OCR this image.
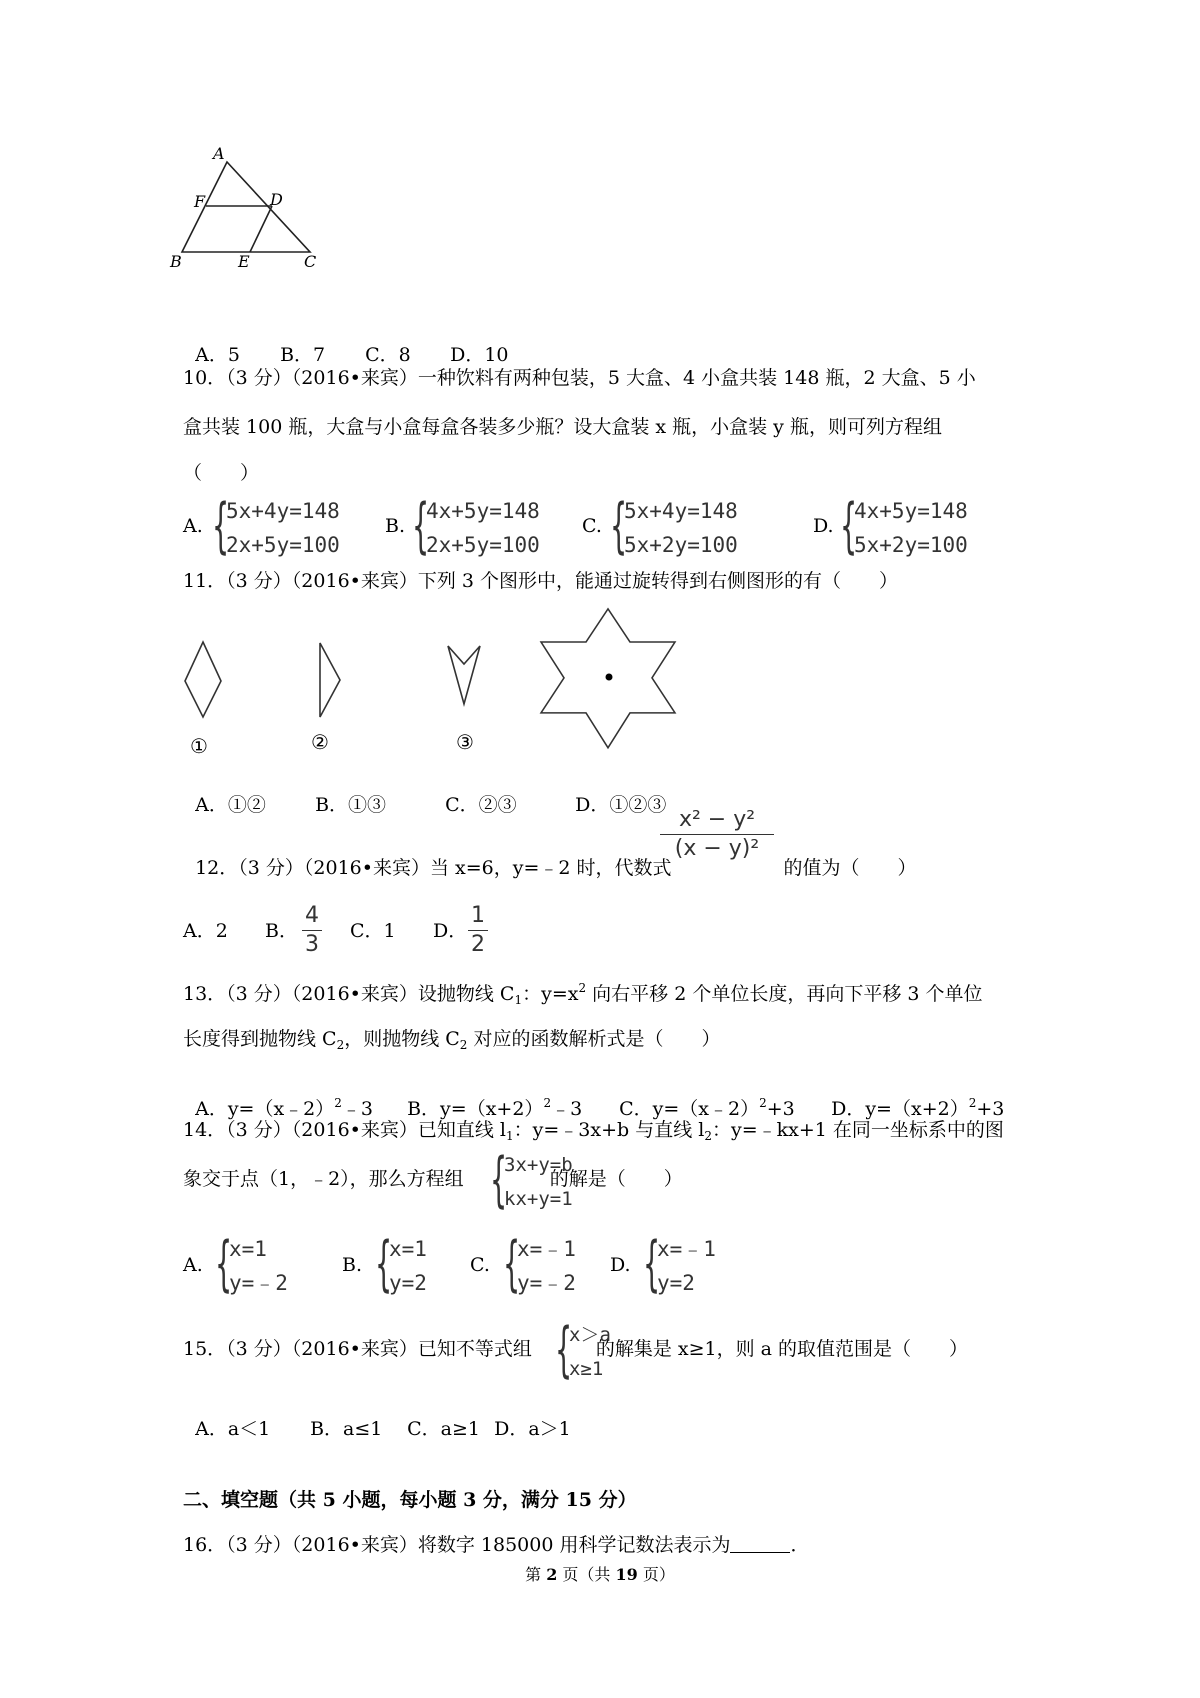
A
F	D
B	E	C

A．5 B．7 C．8 D．10

10．（3 分）（2016•来宾）一种饮料有两种包装，5 大盒、4 小盒共装 148 瓶，2 大盒、5 小
盒共装 100 瓶，大盒与小盒每盒各装多少瓶？设大盒装 x 瓶，小盒装 y 瓶，则可列方程组
（　　）
A. {
5x+4y=148
2x+5y=100
B. {
4x+5y=148
2x+5y=100
C. {
5x+4y=148
5x+2y=100
D. {
4x+5y=148
5x+2y=100
11．（3 分）（2016•来宾）下列 3 个图形中，能通过旋转得到右侧图形的有（　　）
①	②	③

A．①②	B．①③	C．②③	D．①②③

12．（3 分）（2016•来宾）当 x=6，y=﹣2 时，代数式	的值为（　　）

x² − y²
(x − y)²
A．2 B．
4
3
C．1 D．
1
2
13．（3 分）（2016•来宾）设抛物线 $C_1$：$y=x^2$ 向右平移 2 个单位长度，再向下平移 3 个单位
长度得到抛物线 $C_2$，则抛物线 $C_2$ 对应的函数解析式是（　　）

A．y=（x﹣2）$^2$﹣3 B．$y=(x+2)^2﹣3$ C．y=（x﹣2）$^2$+3 D．$y=(x+2)^2+3$

14．（3 分）（2016•来宾）已知直线 $l_1$：y=﹣3x+b 与直线 $l_2$：y=﹣kx+1 在同一坐标系中的图
象交于点（1，﹣2），那么方程组	的解是（　　）
{
3x+y=b
kx+y=1
A. {
x=1
y=﹣2
B. {
x=1
y=2
C. {
x=﹣1
y=﹣2
D. {
x=﹣1
y=2
15．（3 分）（2016•来宾）已知不等式组	的解集是 x≥1，则 a 的取值范围是（　　）
{
x＞a
x≥1

A．a＜1 B．a≤1 C．a≥1 D．a＞1

二、填空题（共 5 小题，每小题 3 分，满分 15 分）
16．（3 分）（2016•来宾）将数字 185000 用科学记数法表示为	．
第 2 页（共 19 页）
